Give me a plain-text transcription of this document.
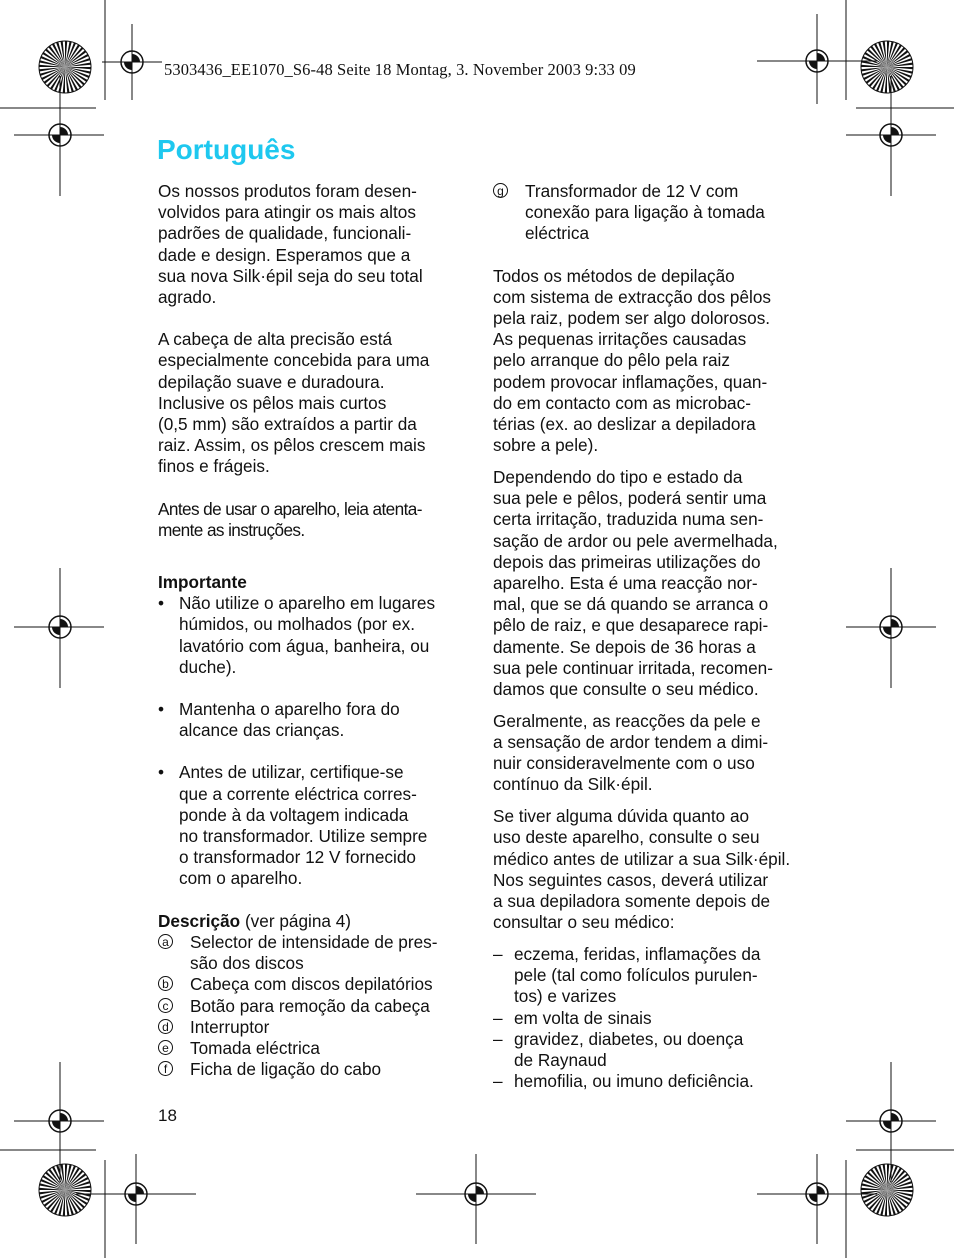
5303436_EE1070_S6-48 Seite 18 Montag, 3. November 2003 9:33 09
Português

Os nossos produtos foram desen-
volvidos para atingir os mais altos
padrões de qualidade, funcionali-
dade e design. Esperamos que a
sua nova Silk·épil seja do seu total
agrado.

A cabeça de alta precisão está
especialmente concebida para uma
depilação suave e duradoura.
Inclusive os pêlos mais curtos
(0,5 mm) são extraídos a partir da
raiz. Assim, os pêlos crescem mais
finos e frágeis.

Antes de usar o aparelho, leia atenta-
mente as instruções.

Importante

• Não utilize o aparelho em lugares
húmidos, ou molhados (por ex.
lavatório com água, banheira, ou
duche).
• Mantenha o aparelho fora do
alcance das crianças.
• Antes de utilizar, certifique-se
que a corrente eléctrica corres-
ponde à da voltagem indicada
no transformador. Utilize sempre
o transformador 12 V fornecido
com o aparelho.

Descrição (ver página 4)

a Selector de intensidade de pres-
são dos discos
b Cabeça com discos depilatórios
c Botão para remoção da cabeça
d Interruptor
e Tomada eléctrica
f	Ficha de ligação do cabo

g Transformador de 12 V com
conexão para ligação à tomada
eléctrica

Todos os métodos de depilação
com sistema de extracção dos pêlos
pela raiz, podem ser algo dolorosos.
As pequenas irritações causadas
pelo arranque do pêlo pela raiz
podem provocar inflamações, quan-
do em contacto com as microbac-
térias (ex. ao deslizar a depiladora
sobre a pele).

Dependendo do tipo e estado da
sua pele e pêlos, poderá sentir uma
certa irritação, traduzida numa sen-
sação de ardor ou pele avermelhada,
depois das primeiras utilizações do
aparelho. Esta é uma reacção nor-
mal, que se dá quando se arranca o
pêlo de raiz, e que desaparece rapi-
damente. Se depois de 36 horas a
sua pele continuar irritada, recomen-
damos que consulte o seu médico.

Geralmente, as reacções da pele e
a sensação de ardor tendem a dimi-
nuir consideravelmente com o uso
contínuo da Silk·épil.

Se tiver alguma dúvida quanto ao
uso deste aparelho, consulte o seu
médico antes de utilizar a sua Silk·épil.
Nos seguintes casos, deverá utilizar
a sua depiladora somente depois de
consultar o seu médico:

– eczema, feridas, inflamações da
pele (tal como folículos purulen-
tos) e varizes
– em volta de sinais
– gravidez, diabetes, ou doença
de Raynaud
– hemofilia, ou imuno deficiência.
18
